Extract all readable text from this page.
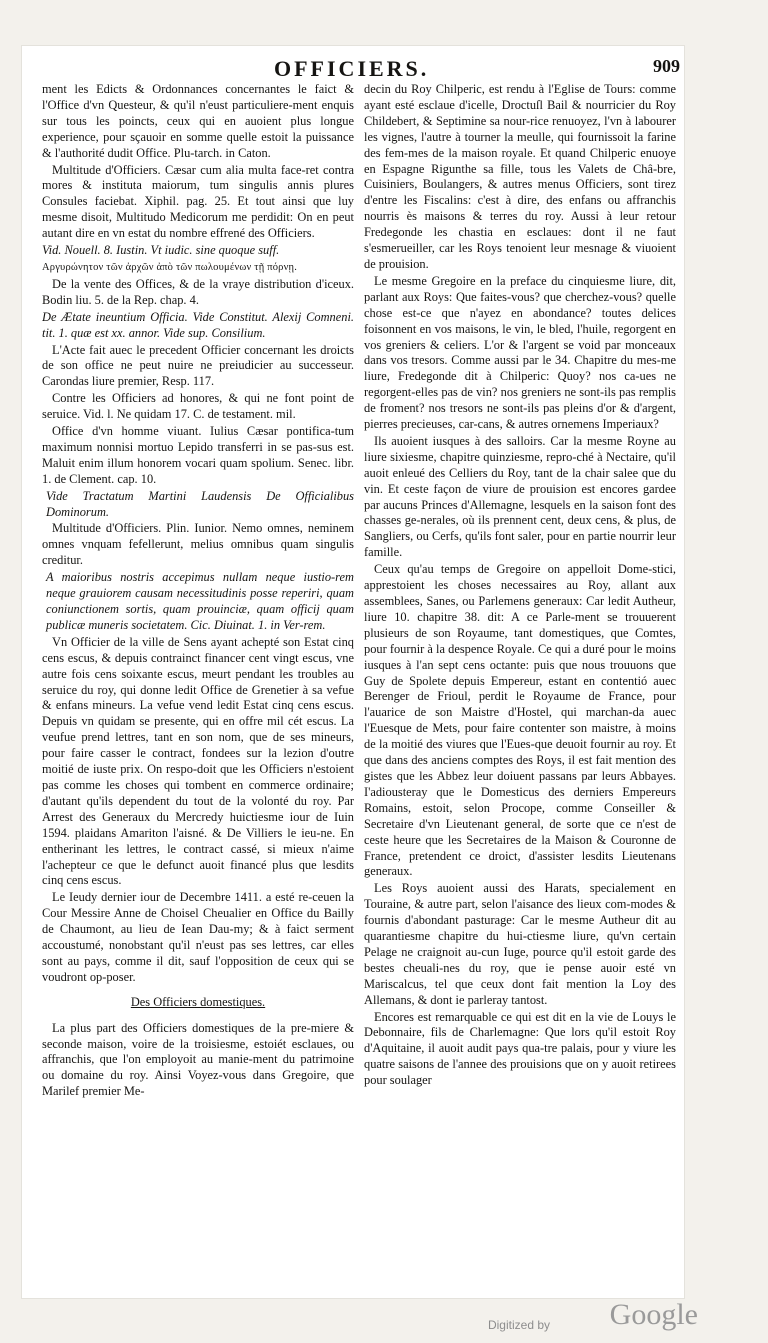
OFFICIERS.	909

ment les Edicts & Ordonnances concernantes le faict & l'Office d'vn Questeur, & qu'il n'eust particuliere-ment enquis sur tous les poincts, ceux qui en auoient plus longue experience, pour sçauoir en somme quelle estoit la puissance & l'authorité dudit Office. Plu-tarch. in Caton.

Multitude d'Officiers. Cæsar cum alia multa face-ret contra mores & instituta maiorum, tum singulis annis plures Consules faciebat. Xiphil. pag. 25. Et tout ainsi que luy mesme disoit, Multitudo Medicorum me perdidit: On en peut autant dire en vn estat du nombre effrené des Officiers.

Vid. Nouell. 8. Iustin. Vt iudic. sine quoque suff.

Αργυρώνητον τῶν ἀρχῶν ἀπὸ τῶν πωλουμένων τῇ πόρνῃ.

De la vente des Offices, & de la vraye distribution d'iceux. Bodin liu. 5. de la Rep. chap. 4.

De Ætate ineuntium Officia. Vide Constitut. Alexij Comneni. tit. 1. quæ est xx. annor. Vide sup. Consilium.

L'Acte fait auec le precedent Officier concernant les droicts de son office ne peut nuire ne preiudicier au successeur. Carondas liure premier, Resp. 117.

Contre les Officiers ad honores, & qui ne font point de seruice. Vid. l. Ne quidam 17. C. de testament. mil.

Office d'vn homme viuant. Iulius Cæsar pontifica-tum maximum nonnisi mortuo Lepido transferri in se pas-sus est. Maluit enim illum honorem vocari quam spolium. Senec. libr. 1. de Clement. cap. 10.

Vide Tractatum Martini Laudensis De Officialibus Dominorum.

Multitude d'Officiers. Plin. Iunior. Nemo omnes, neminem omnes vnquam fefellerunt, melius omnibus quam singulis creditur.

A maioribus nostris accepimus nullam neque iustio-rem neque grauiorem causam necessitudinis posse reperiri, quam coniunctionem sortis, quam prouinciæ, quam officij quam publicæ muneris societatem. Cic. Diuinat. 1. in Ver-rem.

Vn Officier de la ville de Sens ayant achepté son Estat cinq cens escus, & depuis contrainct financer cent vingt escus, vne autre fois cens soixante escus, meurt pendant les troubles au seruice du roy, qui donne ledit Office de Grenetier à sa vefue & enfans mineurs. La vefue vend ledit Estat cinq cens escus. Depuis vn quidam se presente, qui en offre mil cét escus. La veufue prend lettres, tant en son nom, que de ses mineurs, pour faire casser le contract, fondees sur la lezion d'outre moitié de iuste prix. On respo-doit que les Officiers n'estoient pas comme les choses qui tombent en commerce ordinaire; d'autant qu'ils dependent du tout de la volonté du roy. Par Arrest des Generaux du Mercredy huictiesme iour de Iuin 1594. plaidans Amariton l'aisné. & De Villiers le ieu-ne. En entherinant les lettres, le contract cassé, si mieux n'aime l'achepteur ce que le defunct auoit financé plus que lesdits cinq cens escus.

Le Ieudy dernier iour de Decembre 1411. a esté re-ceuen la Cour Messire Anne de Choisel Cheualier en Office du Bailly de Chaumont, au lieu de Iean Dau-my; & à faict serment accoustumé, nonobstant qu'il n'eust pas ses lettres, car elles sont au pays, comme il dit, sauf l'opposition de ceux qui se voudront op-poser.

Des Officiers domestiques.

La plus part des Officiers domestiques de la pre-miere & seconde maison, voire de la troisiesme, estoiét esclaues, ou affranchis, que l'on employoit au manie-ment du patrimoine ou domaine du roy. Ainsi Voyez-vous dans Gregoire, que Marilef premier Me-

decin du Roy Chilperic, est rendu à l'Eglise de Tours: comme ayant esté esclaue d'icelle, Droctuſl Bail & nourricier du Roy Childebert, & Septimine sa nour-rice renuoyez, l'vn à labourer les vignes, l'autre à tourner la meulle, qui fournissoit la farine des fem-mes de la maison royale. Et quand Chilperic enuoye en Espagne Rigunthe sa fille, tous les Valets de Châ-bre, Cuisiniers, Boulangers, & autres menus Officiers, sont tirez d'entre les Fiscalins: c'est à dire, des enfans ou affranchis nourris ès maisons & terres du roy. Aussi à leur retour Fredegonde les chastia en esclaues: dont il ne faut s'esmerueiller, car les Roys tenoient leur mesnage & viuoient de prouision.

Le mesme Gregoire en la preface du cinquiesme liure, dit, parlant aux Roys: Que faites-vous? que cherchez-vous? quelle chose est-ce que n'ayez en abondance? toutes delices foisonnent en vos maisons, le vin, le bled, l'huile, regorgent en vos greniers & celiers. L'or & l'argent se void par monceaux dans vos tresors. Comme aussi par le 34. Chapitre du mes-me liure, Fredegonde dit à Chilperic: Quoy? nos ca-ues ne regorgent-elles pas de vin? nos greniers ne sont-ils pas remplis de froment? nos tresors ne sont-ils pas pleins d'or & d'argent, pierres precieuses, car-cans, & autres ornemens Imperiaux?

Ils auoient iusques à des salloirs. Car la mesme Royne au liure sixiesme, chapitre quinziesme, repro-ché à Nectaire, qu'il auoit enleué des Celliers du Roy, tant de la chair salee que du vin. Et ceste façon de viure de prouision est encores gardee par aucuns Princes d'Allemagne, lesquels en la saison font des chasses ge-nerales, où ils prennent cent, deux cens, & plus, de Sangliers, ou Cerfs, qu'ils font saler, pour en partie nourrir leur famille.

Ceux qu'au temps de Gregoire on appelloit Dome-stici, apprestoient les choses necessaires au Roy, allant aux assemblees, Sanes, ou Parlemens generaux: Car ledit Autheur, liure 10. chapitre 38. dit: A ce Parle-ment se trouuerent plusieurs de son Royaume, tant domestiques, que Comtes, pour fournir à la despence Royale. Ce qui a duré pour le moins iusques à l'an sept cens octante: puis que nous trouuons que Guy de Spolete depuis Empereur, estant en contentió auec Berenger de Frioul, perdit le Royaume de France, pour l'auarice de son Maistre d'Hostel, qui marchan-da auec l'Euesque de Mets, pour faire contenter son maistre, à moins de la moitié des viures que l'Eues-que deuoit fournir au roy. Et que dans des anciens comptes des Roys, il est fait mention des gistes que les Abbez leur doiuent passans par leurs Abbayes. I'adiousteray que le Domesticus des derniers Empereurs Romains, estoit, selon Procope, comme Conseiller & Secretaire d'vn Lieutenant general, de sorte que ce n'est de ceste heure que les Secretaires de la Maison & Couronne de France, pretendent ce droict, d'assister lesdits Lieutenans generaux.

Les Roys auoient aussi des Harats, specialement en Touraine, & autre part, selon l'aisance des lieux com-modes & fournis d'abondant pasturage: Car le mesme Autheur dit au quarantiesme chapitre du hui-ctiesme liure, qu'vn certain Pelage ne craignoit au-cun Iuge, pource qu'il estoit garde des bestes cheuali-nes du roy, que ie pense auoir esté vn Mariscalcus, tel que ceux dont fait mention la Loy des Allemans, & dont ie parleray tantost.

Encores est remarquable ce qui est dit en la vie de Louys le Debonnaire, fils de Charlemagne: Que lors qu'il estoit Roy d'Aquitaine, il auoit audit pays qua-tre palais, pour y viure les quatre saisons de l'annee des prouisions que on y auoit retirees pour soulager

Digitized by Google
